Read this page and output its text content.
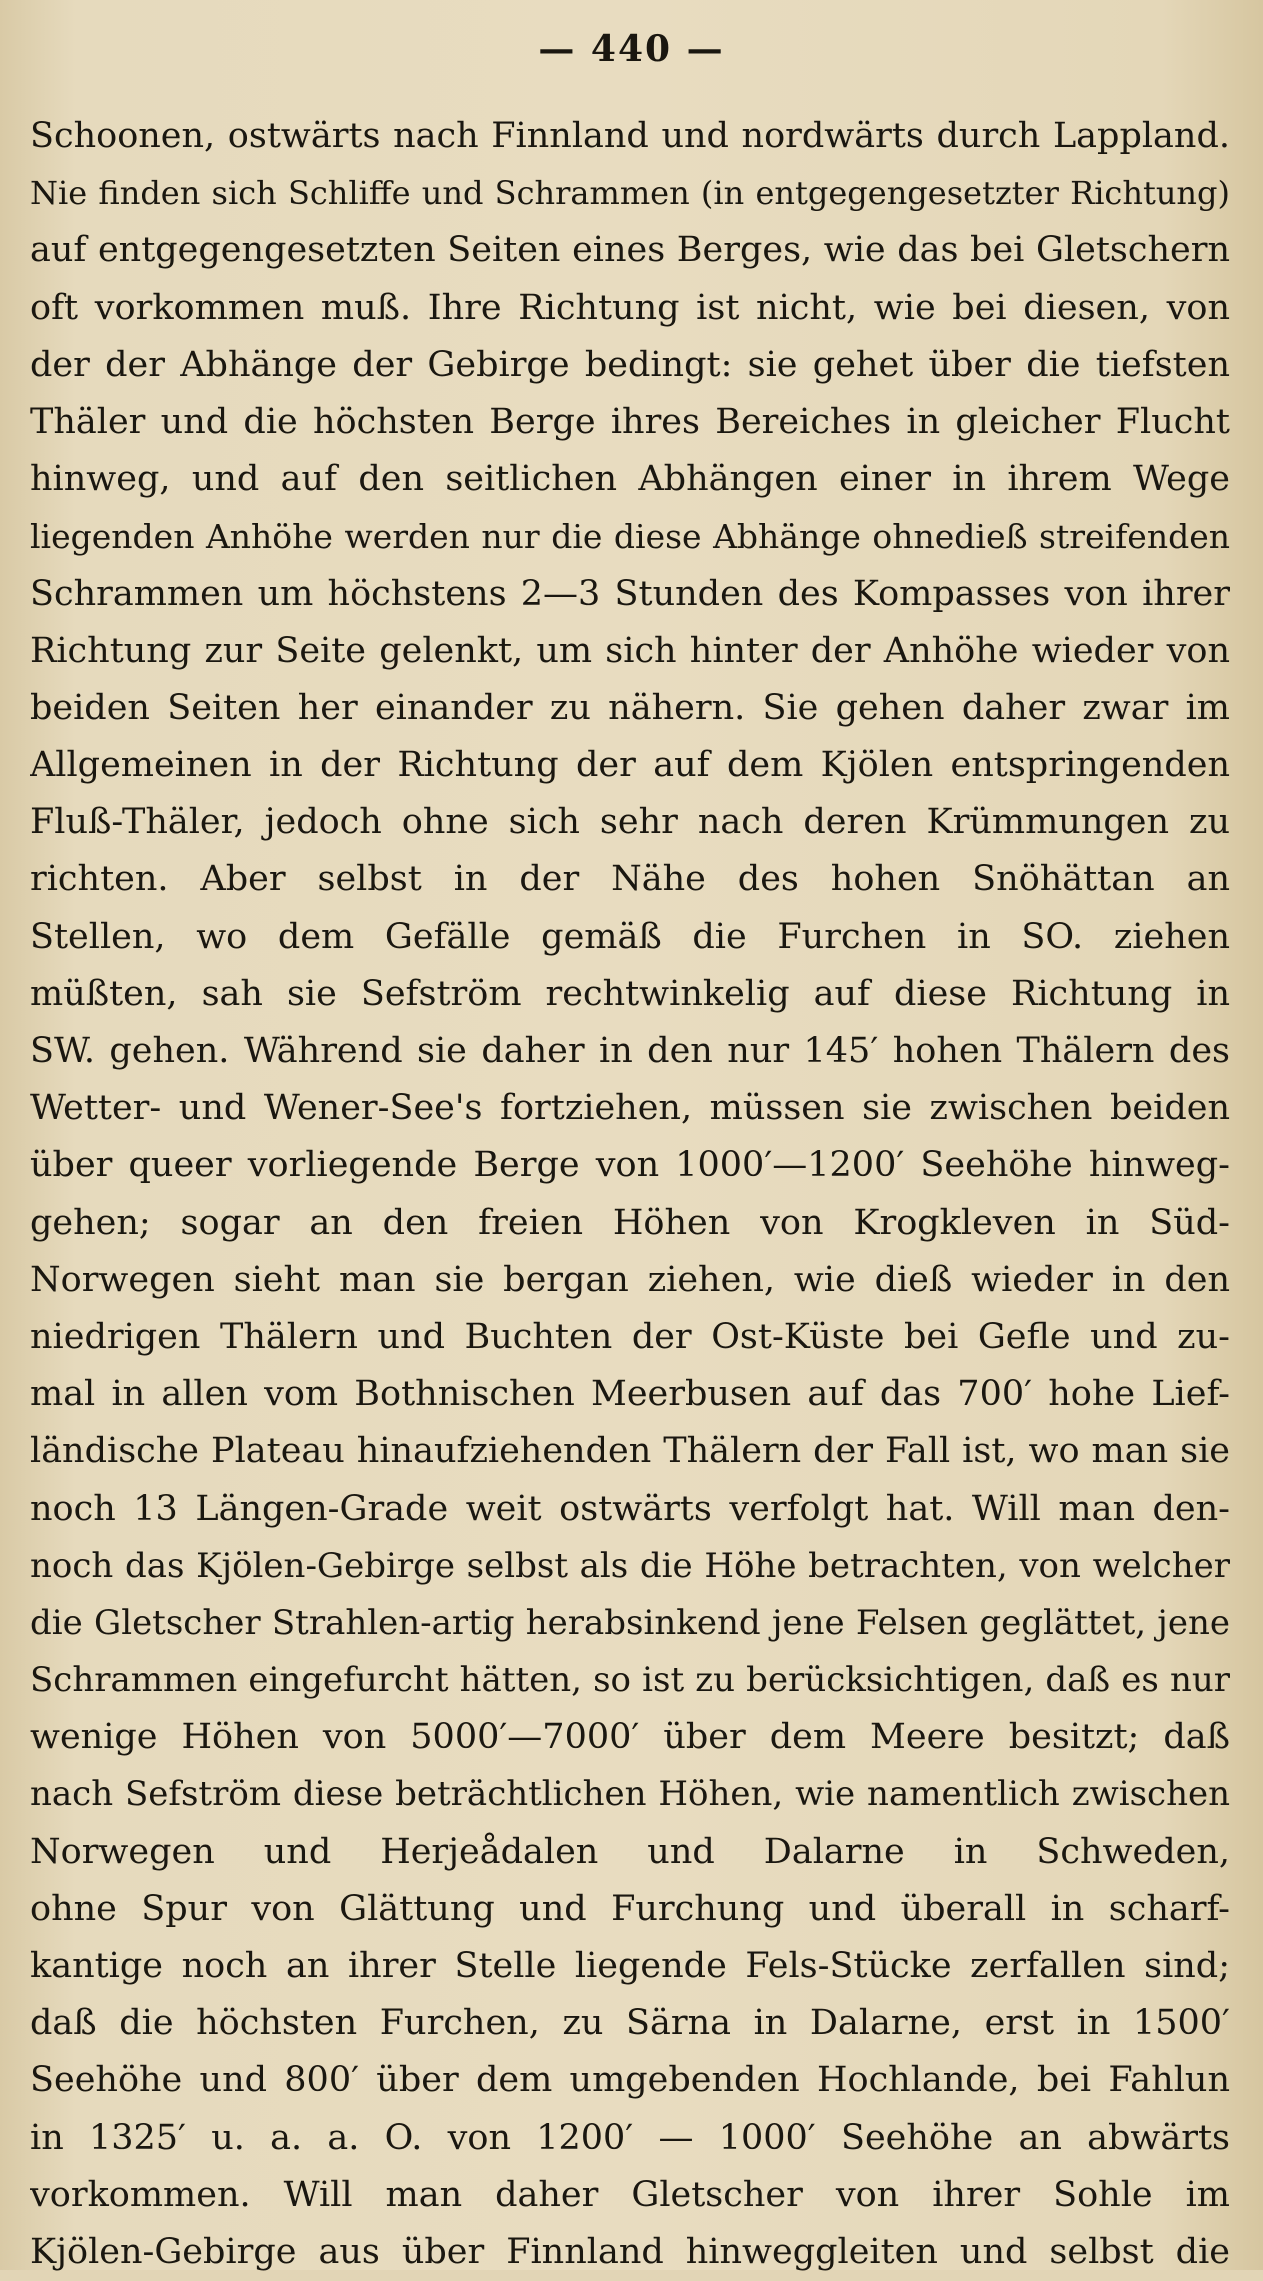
— 440 —
Schoonen, ostwärts nach Finnland und nordwärts durch Lappland.
Nie finden sich Schliffe und Schrammen (in entgegengesetzter Richtung)
auf entgegengesetzten Seiten eines Berges, wie das bei Gletschern
oft vorkommen muß. Ihre Richtung ist nicht, wie bei diesen, von
der der Abhänge der Gebirge bedingt: sie gehet über die tiefsten
Thäler und die höchsten Berge ihres Bereiches in gleicher Flucht
hinweg, und auf den seitlichen Abhängen einer in ihrem Wege
liegenden Anhöhe werden nur die diese Abhänge ohnedieß streifenden
Schrammen um höchstens 2—3 Stunden des Kompasses von ihrer
Richtung zur Seite gelenkt, um sich hinter der Anhöhe wieder von
beiden Seiten her einander zu nähern. Sie gehen daher zwar im
Allgemeinen in der Richtung der auf dem Kjölen entspringenden
Fluß-Thäler, jedoch ohne sich sehr nach deren Krümmungen zu
richten. Aber selbst in der Nähe des hohen Snöhättan an
Stellen, wo dem Gefälle gemäß die Furchen in SO. ziehen
müßten, sah sie Sefström rechtwinkelig auf diese Richtung in
SW. gehen. Während sie daher in den nur 145′ hohen Thälern des
Wetter- und Wener-See's fortziehen, müssen sie zwischen beiden
über queer vorliegende Berge von 1000′—1200′ Seehöhe hinweg-
gehen; sogar an den freien Höhen von Krogkleven in Süd-
Norwegen sieht man sie bergan ziehen, wie dieß wieder in den
niedrigen Thälern und Buchten der Ost-Küste bei Gefle und zu-
mal in allen vom Bothnischen Meerbusen auf das 700′ hohe Lief-
ländische Plateau hinaufziehenden Thälern der Fall ist, wo man sie
noch 13 Längen-Grade weit ostwärts verfolgt hat. Will man den-
noch das Kjölen-Gebirge selbst als die Höhe betrachten, von welcher
die Gletscher Strahlen-artig herabsinkend jene Felsen geglättet, jene
Schrammen eingefurcht hätten, so ist zu berücksichtigen, daß es nur
wenige Höhen von 5000′—7000′ über dem Meere besitzt; daß
nach Sefström diese beträchtlichen Höhen, wie namentlich zwischen
Norwegen und Herjeådalen und Dalarne in Schweden,
ohne Spur von Glättung und Furchung und überall in scharf-
kantige noch an ihrer Stelle liegende Fels-Stücke zerfallen sind;
daß die höchsten Furchen, zu Särna in Dalarne, erst in 1500′
Seehöhe und 800′ über dem umgebenden Hochlande, bei Fahlun
in 1325′ u. a. a. O. von 1200′ — 1000′ Seehöhe an abwärts
vorkommen. Will man daher Gletscher von ihrer Sohle im
Kjölen-Gebirge aus über Finnland hinweggleiten und selbst die
